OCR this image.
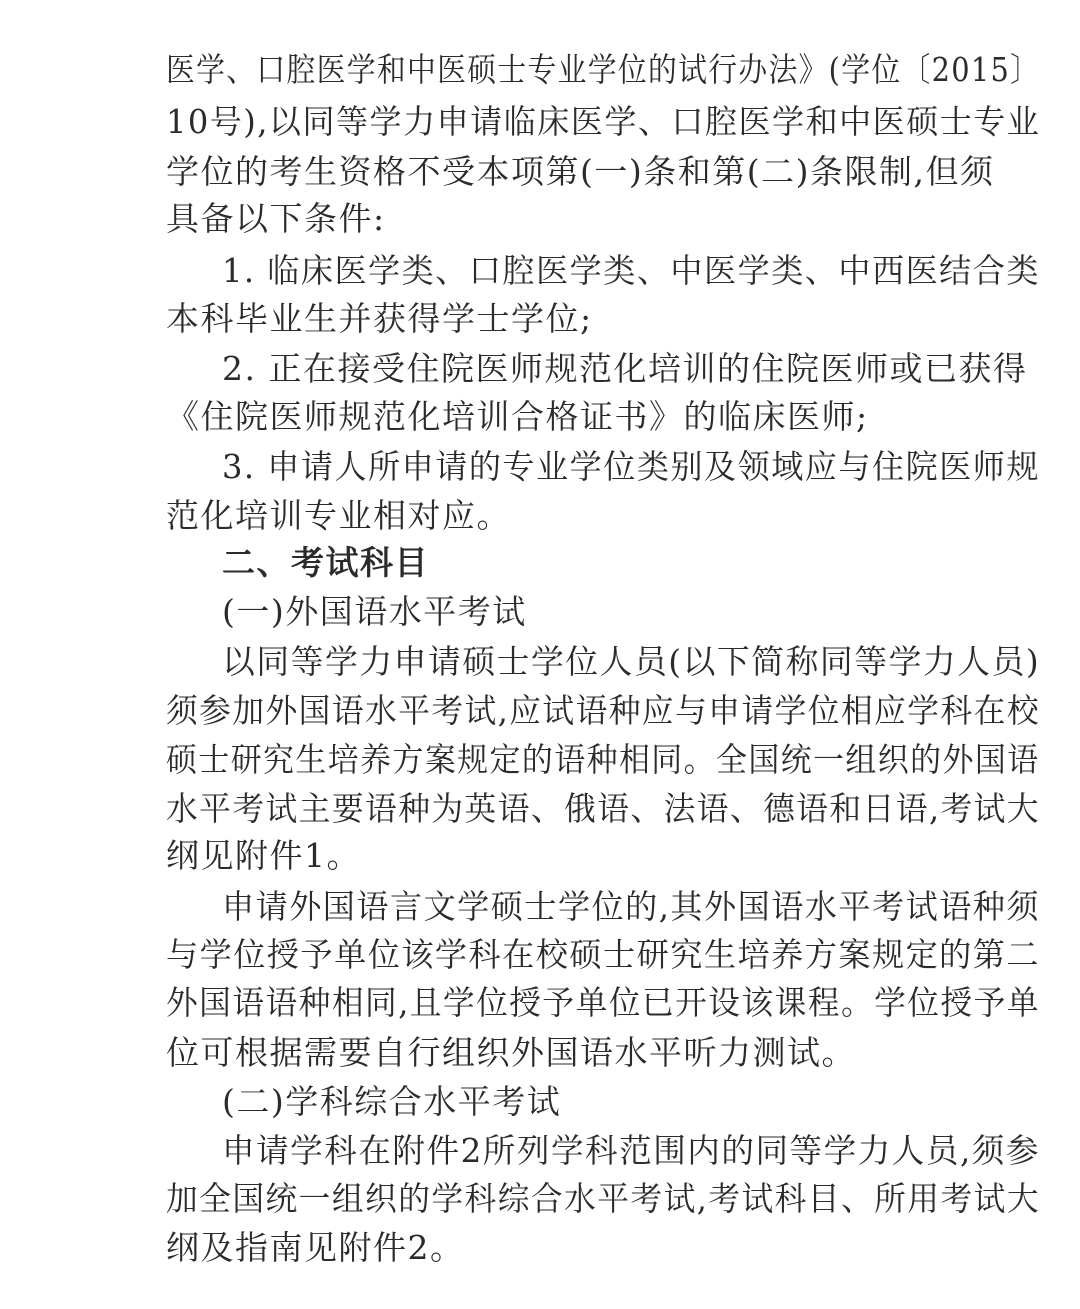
医学、口腔医学和中医硕士专业学位的试行办法》(学位〔2015〕
10号),以同等学力申请临床医学、口腔医学和中医硕士专业
学位的考生资格不受本项第(一)条和第(二)条限制,但须
具备以下条件:
1. 临床医学类、口腔医学类、中医学类、中西医结合类
本科毕业生并获得学士学位;
2. 正在接受住院医师规范化培训的住院医师或已获得
《住院医师规范化培训合格证书》的临床医师;
3. 申请人所申请的专业学位类别及领域应与住院医师规
范化培训专业相对应。
二、考试科目
(一)外国语水平考试
以同等学力申请硕士学位人员(以下简称同等学力人员)
须参加外国语水平考试,应试语种应与申请学位相应学科在校
硕士研究生培养方案规定的语种相同。全国统一组织的外国语
水平考试主要语种为英语、俄语、法语、德语和日语,考试大
纲见附件1。
申请外国语言文学硕士学位的,其外国语水平考试语种须
与学位授予单位该学科在校硕士研究生培养方案规定的第二
外国语语种相同,且学位授予单位已开设该课程。学位授予单
位可根据需要自行组织外国语水平听力测试。
(二)学科综合水平考试
申请学科在附件2所列学科范围内的同等学力人员,须参
加全国统一组织的学科综合水平考试,考试科目、所用考试大
纲及指南见附件2。
